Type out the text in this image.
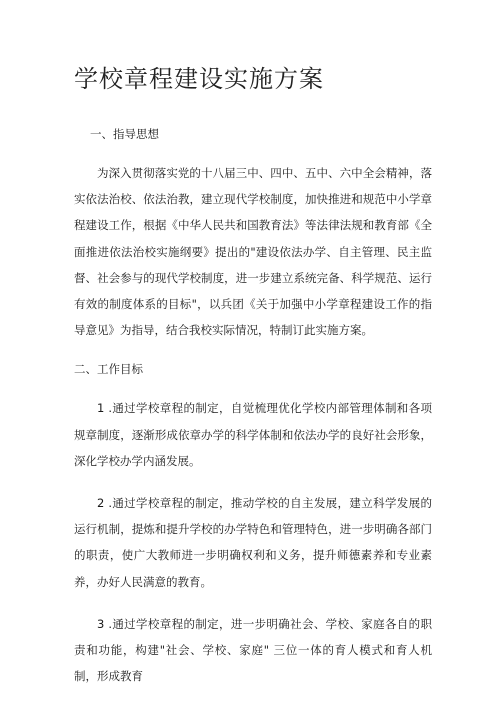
学校章程建设实施方案

一、指导思想

为深入贯彻落实党的十八届三中、四中、五中、六中全会精神，落实依法治校、依法治教，建立现代学校制度，加快推进和规范中小学章程建设工作，根据《中华人民共和国教育法》等法律法规和教育部《全面推进依法治校实施纲要》提出的"建设依法办学、自主管理、民主监督、社会参与的现代学校制度，进一步建立系统完备、科学规范、运行有效的制度体系的目标"，以兵团《关于加强中小学章程建设工作的指导意见》为指导，结合我校实际情况，特制订此实施方案。

二、工作目标

1 .通过学校章程的制定，自觉梳理优化学校内部管理体制和各项规章制度，逐渐形成依章办学的科学体制和依法办学的良好社会形象，深化学校办学内涵发展。

2 .通过学校章程的制定，推动学校的自主发展，建立科学发展的运行机制，提炼和提升学校的办学特色和管理特色，进一步明确各部门的职责，使广大教师进一步明确权利和义务，提升师德素养和专业素养，办好人民满意的教育。

3 .通过学校章程的制定，进一步明确社会、学校、家庭各自的职责和功能，构建"社会、学校、家庭" 三位一体的育人模式和育人机制，形成教育
